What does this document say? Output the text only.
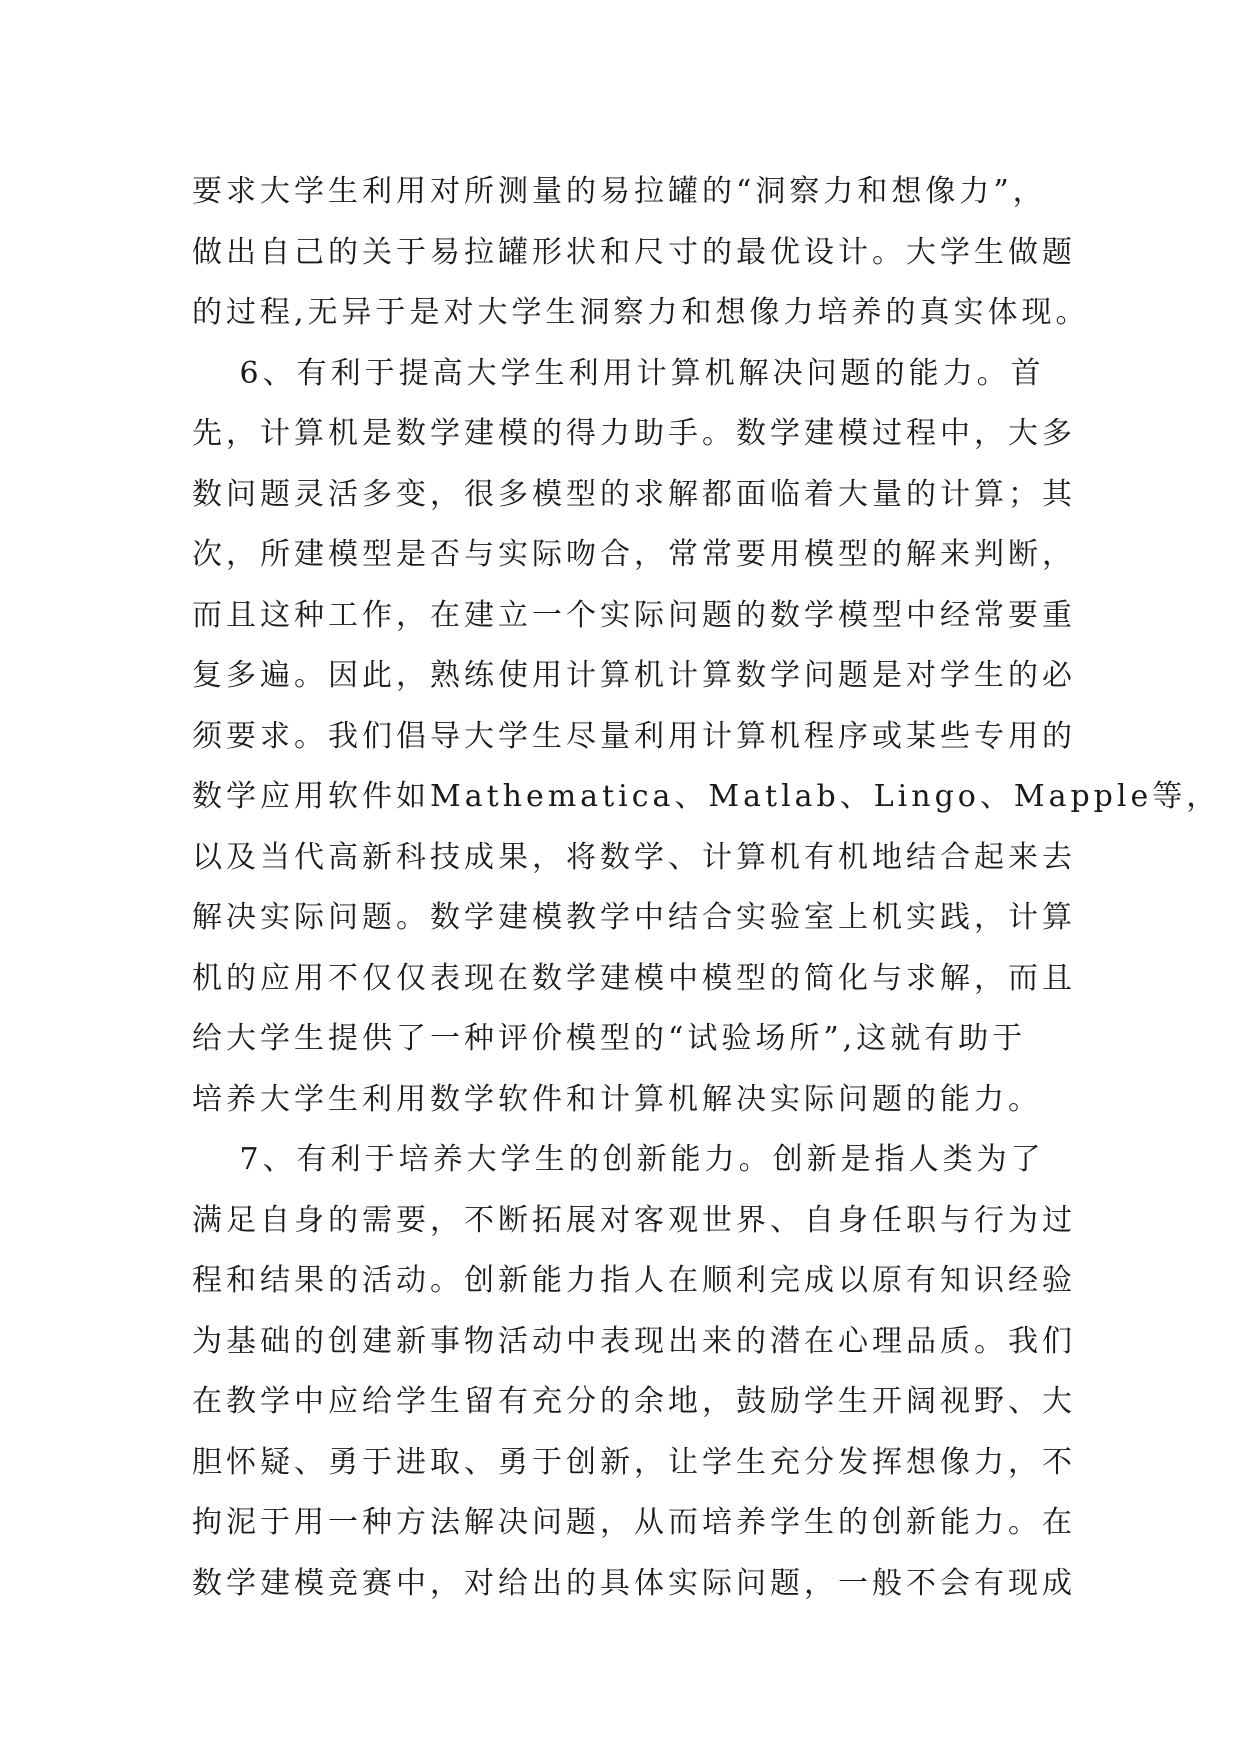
要求大学生利用对所测量的易拉罐的“洞察力和想像力”，
做出自己的关于易拉罐形状和尺寸的最优设计。大学生做题
的过程,无异于是对大学生洞察力和想像力培养的真实体现。
　 6、有利于提高大学生利用计算机解决问题的能力。首
先，计算机是数学建模的得力助手。数学建模过程中，大多
数问题灵活多变，很多模型的求解都面临着大量的计算；其
次，所建模型是否与实际吻合，常常要用模型的解来判断，
而且这种工作，在建立一个实际问题的数学模型中经常要重
复多遍。因此，熟练使用计算机计算数学问题是对学生的必
须要求。我们倡导大学生尽量利用计算机程序或某些专用的
数学应用软件如Mathematica、Matlab、Lingo、Mapple等，
以及当代高新科技成果，将数学、计算机有机地结合起来去
解决实际问题。数学建模教学中结合实验室上机实践，计算
机的应用不仅仅表现在数学建模中模型的简化与求解，而且
给大学生提供了一种评价模型的“试验场所”,这就有助于
培养大学生利用数学软件和计算机解决实际问题的能力。
　 7、有利于培养大学生的创新能力。创新是指人类为了
满足自身的需要，不断拓展对客观世界、自身任职与行为过
程和结果的活动。创新能力指人在顺利完成以原有知识经验
为基础的创建新事物活动中表现出来的潜在心理品质。我们
在教学中应给学生留有充分的余地，鼓励学生开阔视野、大
胆怀疑、勇于进取、勇于创新，让学生充分发挥想像力，不
拘泥于用一种方法解决问题，从而培养学生的创新能力。在
数学建模竞赛中，对给出的具体实际问题，一般不会有现成
